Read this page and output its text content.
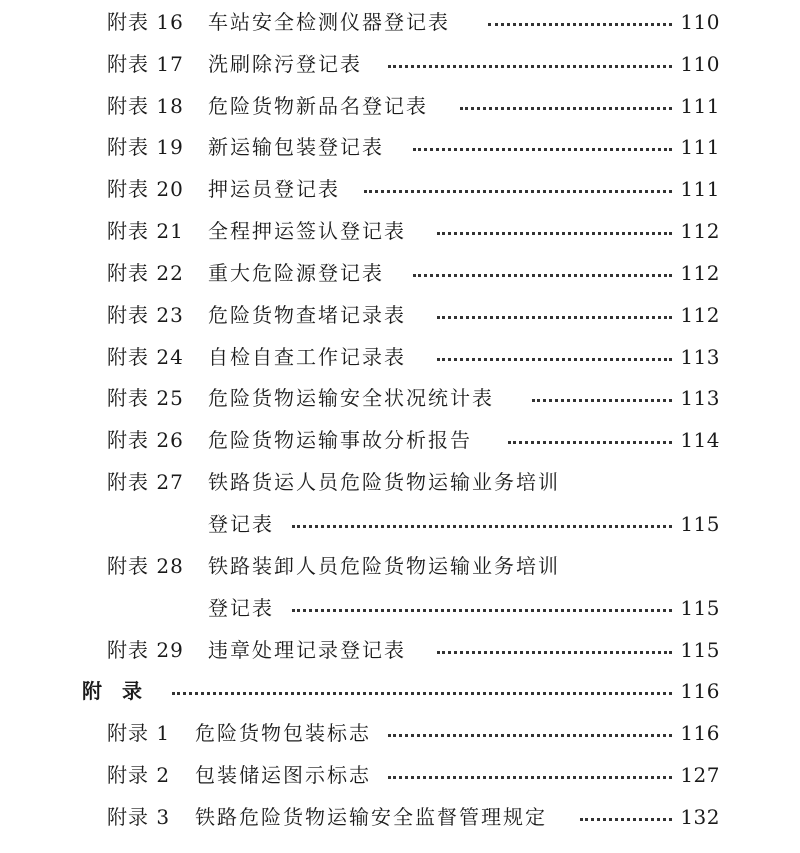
附表 16 车站安全检测仪器登记表	110
附表 17 洗刷除污登记表	110
附表 18 危险货物新品名登记表	111
附表 19 新运输包装登记表	111
附表 20 押运员登记表	111
附表 21 全程押运签认登记表	112
附表 22 重大危险源登记表	112
附表 23 危险货物查堵记录表	112
附表 24 自检自查工作记录表	113
附表 25 危险货物运输安全状况统计表	113
附表 26 危险货物运输事故分析报告	114
附表 27 铁路货运人员危险货物运输业务培训
登记表	115
附表 28 铁路装卸人员危险货物运输业务培训
登记表	115
附表 29 违章处理记录登记表	115
附录	116
附录 1 危险货物包装标志	116
附录 2 包装储运图示标志	127
附录 3 铁路危险货物运输安全监督管理规定	132
